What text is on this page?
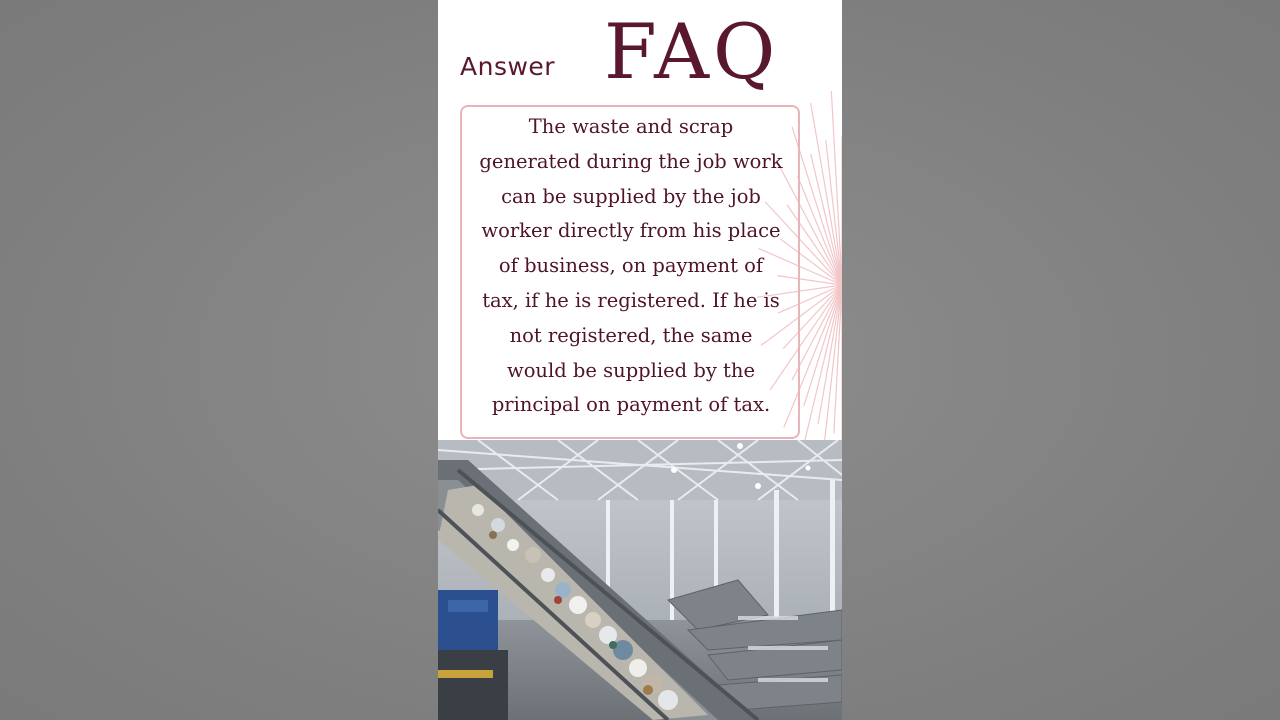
Answer FAQ
The waste and scrap
generated during the job work
can be supplied by the job
worker directly from his place
of business, on payment of
tax, if he is registered. If he is
not registered, the same
would be supplied by the
principal on payment of tax.
